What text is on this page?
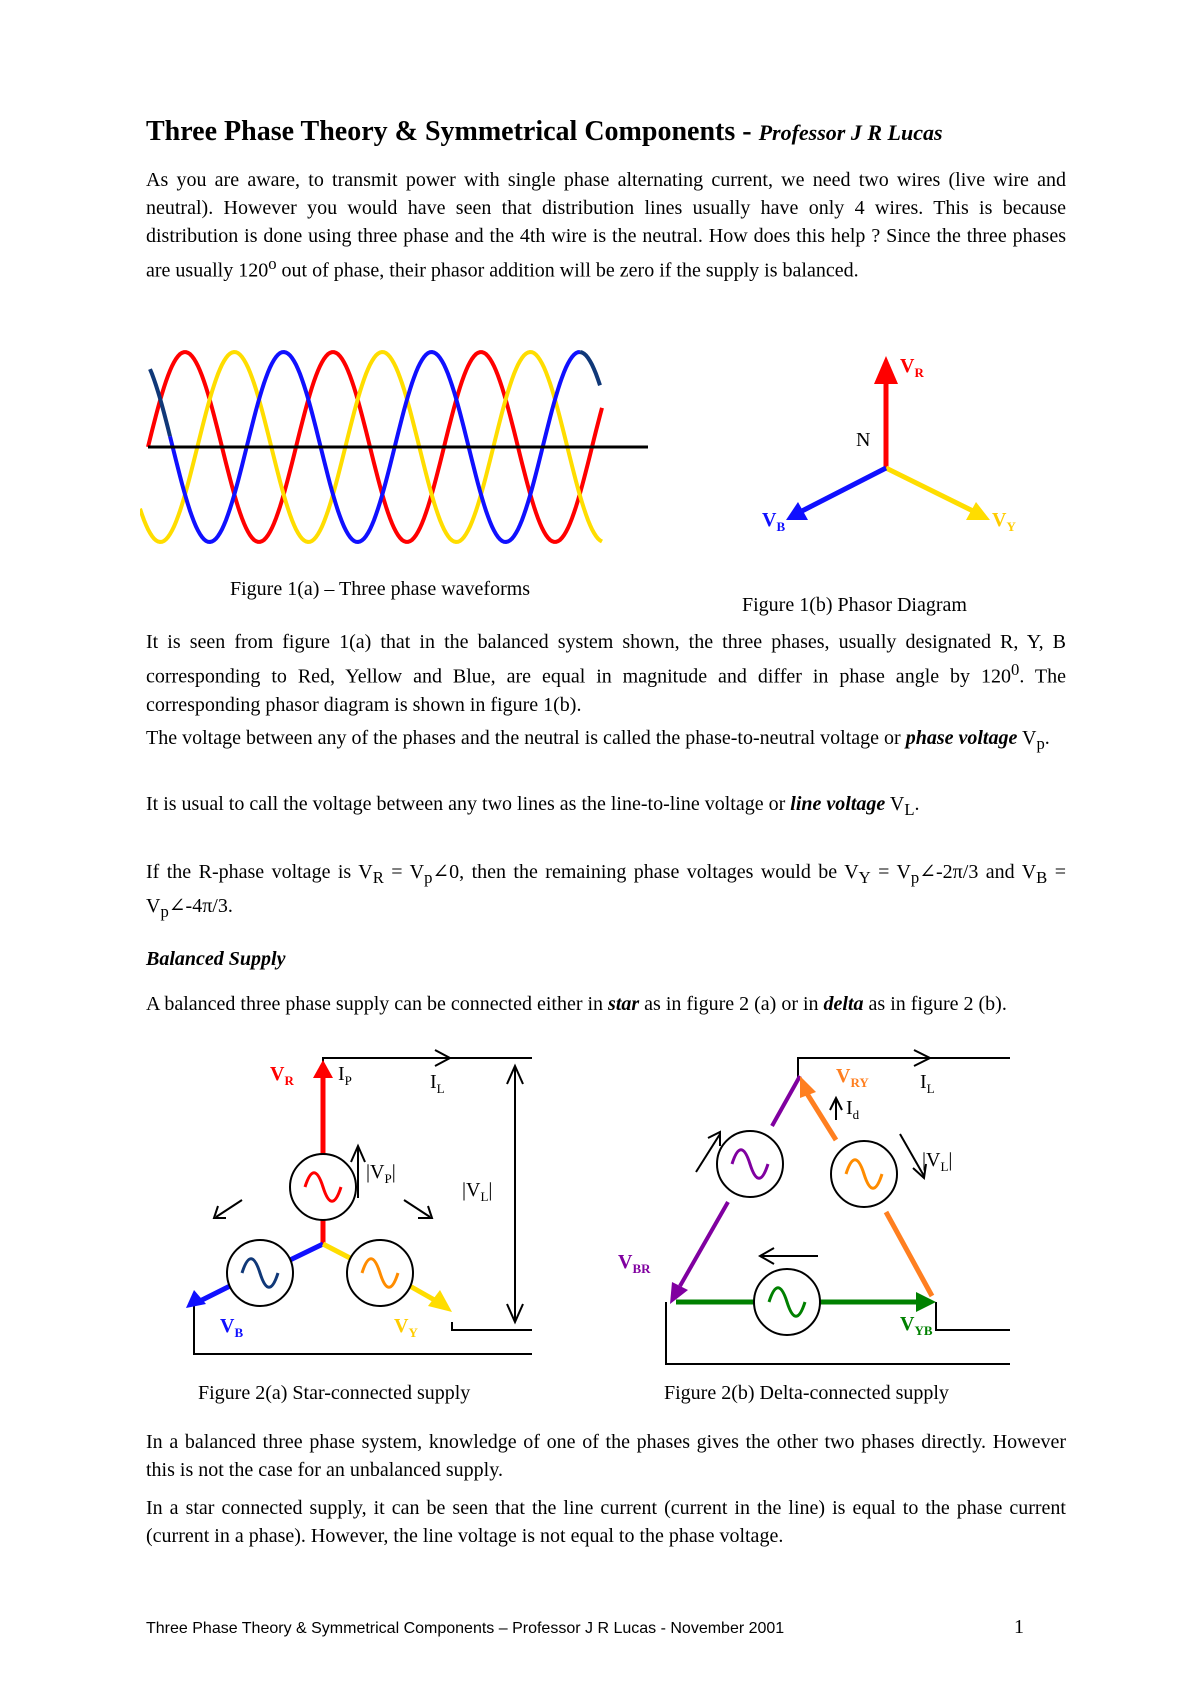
Three Phase Theory & Symmetrical Components - Professor J R Lucas
As you are aware, to transmit power with single phase alternating current, we need two wires (live wire and neutral). However you would have seen that distribution lines usually have only 4 wires. This is because distribution is done using three phase and the 4th wire is the neutral. How does this help ? Since the three phases are usually 120$^o$ out of phase, their phasor addition will be zero if the supply is balanced.
Figure 1(a) – Three phase waveforms
N
$V_R$
$V_Y$
$V_B$
Figure 1(b) Phasor Diagram
It is seen from figure 1(a) that in the balanced system shown, the three phases, usually designated R, Y, B corresponding to Red, Yellow and Blue, are equal in magnitude and differ in phase angle by $120^0$. The corresponding phasor diagram is shown in figure 1(b).
The voltage between any of the phases and the neutral is called the phase-to-neutral voltage or phase voltage $V_p$.
It is usual to call the voltage between any two lines as the line-to-line voltage or line voltage $V_L$.
If the R-phase voltage is $V_R$ = $V_p\angle 0$, then the remaining phase voltages would be $V_Y$ = $V_p\angle-2\pi/3$ and $V_B$ = $V_p\angle-4\pi/3$.
Balanced Supply
A balanced three phase supply can be connected either in star as in figure 2 (a) or in delta as in figure 2 (b).
$V_R$ $I_P$	$I_L$
$|V_P|$
$|V_L|$
$V_B$	$V_Y$
Figure 2(a) Star-connected supply
$V_{RY}$	$I_L$
$I_d$
$|V_L|$
$V_{BR}$
$V_{YB}$
Figure 2(b) Delta-connected supply
In a balanced three phase system, knowledge of one of the phases gives the other two phases directly. However this is not the case for an unbalanced supply.
In a star connected supply, it can be seen that the line current (current in the line) is equal to the phase current (current in a phase). However, the line voltage is not equal to the phase voltage.
Three Phase Theory & Symmetrical Components – Professor J R Lucas - November 2001	1
